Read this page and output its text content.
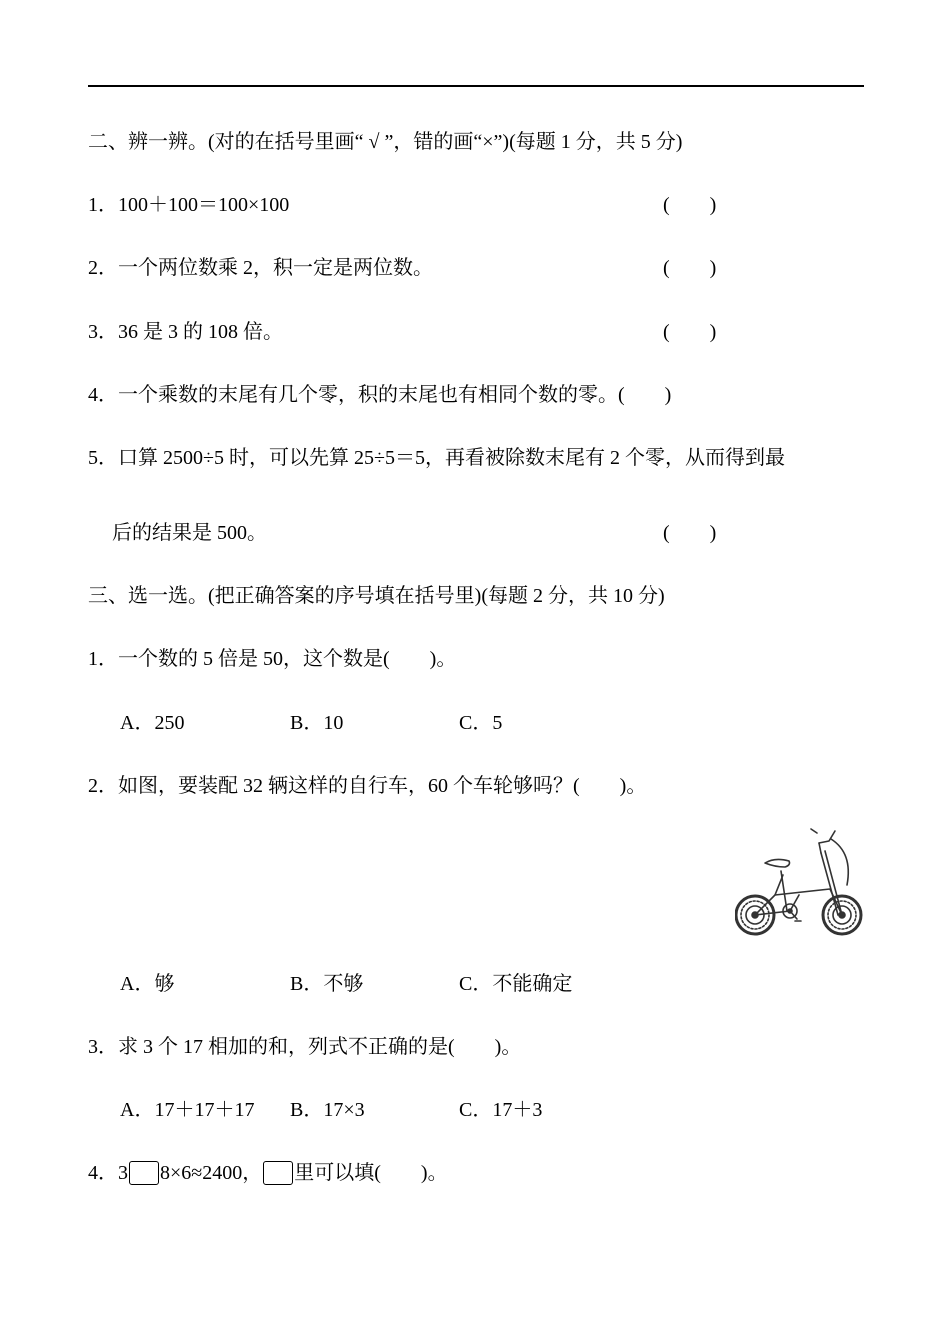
二、辨一辨。(对的在括号里画“ √ ”，错的画“×”)(每题 1 分，共 5 分)
1．100＋100＝100×100	(　　)
2．一个两位数乘 2，积一定是两位数。	(　　)
3．36 是 3 的 108 倍。	(　　)
4．一个乘数的末尾有几个零，积的末尾也有相同个数的零。(　　)
5．口算 2500÷5 时，可以先算 25÷5＝5，再看被除数末尾有 2 个零，从而得到最
后的结果是 500。	(　　)
三、选一选。(把正确答案的序号填在括号里)(每题 2 分，共 10 分)
1．一个数的 5 倍是 50，这个数是(　　)。
A．250	B．10	C．5
2．如图，要装配 32 辆这样的自行车，60 个车轮够吗？(　　)。
A．够	B．不够	C．不能确定
3．求 3 个 17 相加的和，列式不正确的是(　　)。
A．17＋17＋17 B．17×3	C．17＋3
4．3 8×6≈2400， 里可以填(　　)。
